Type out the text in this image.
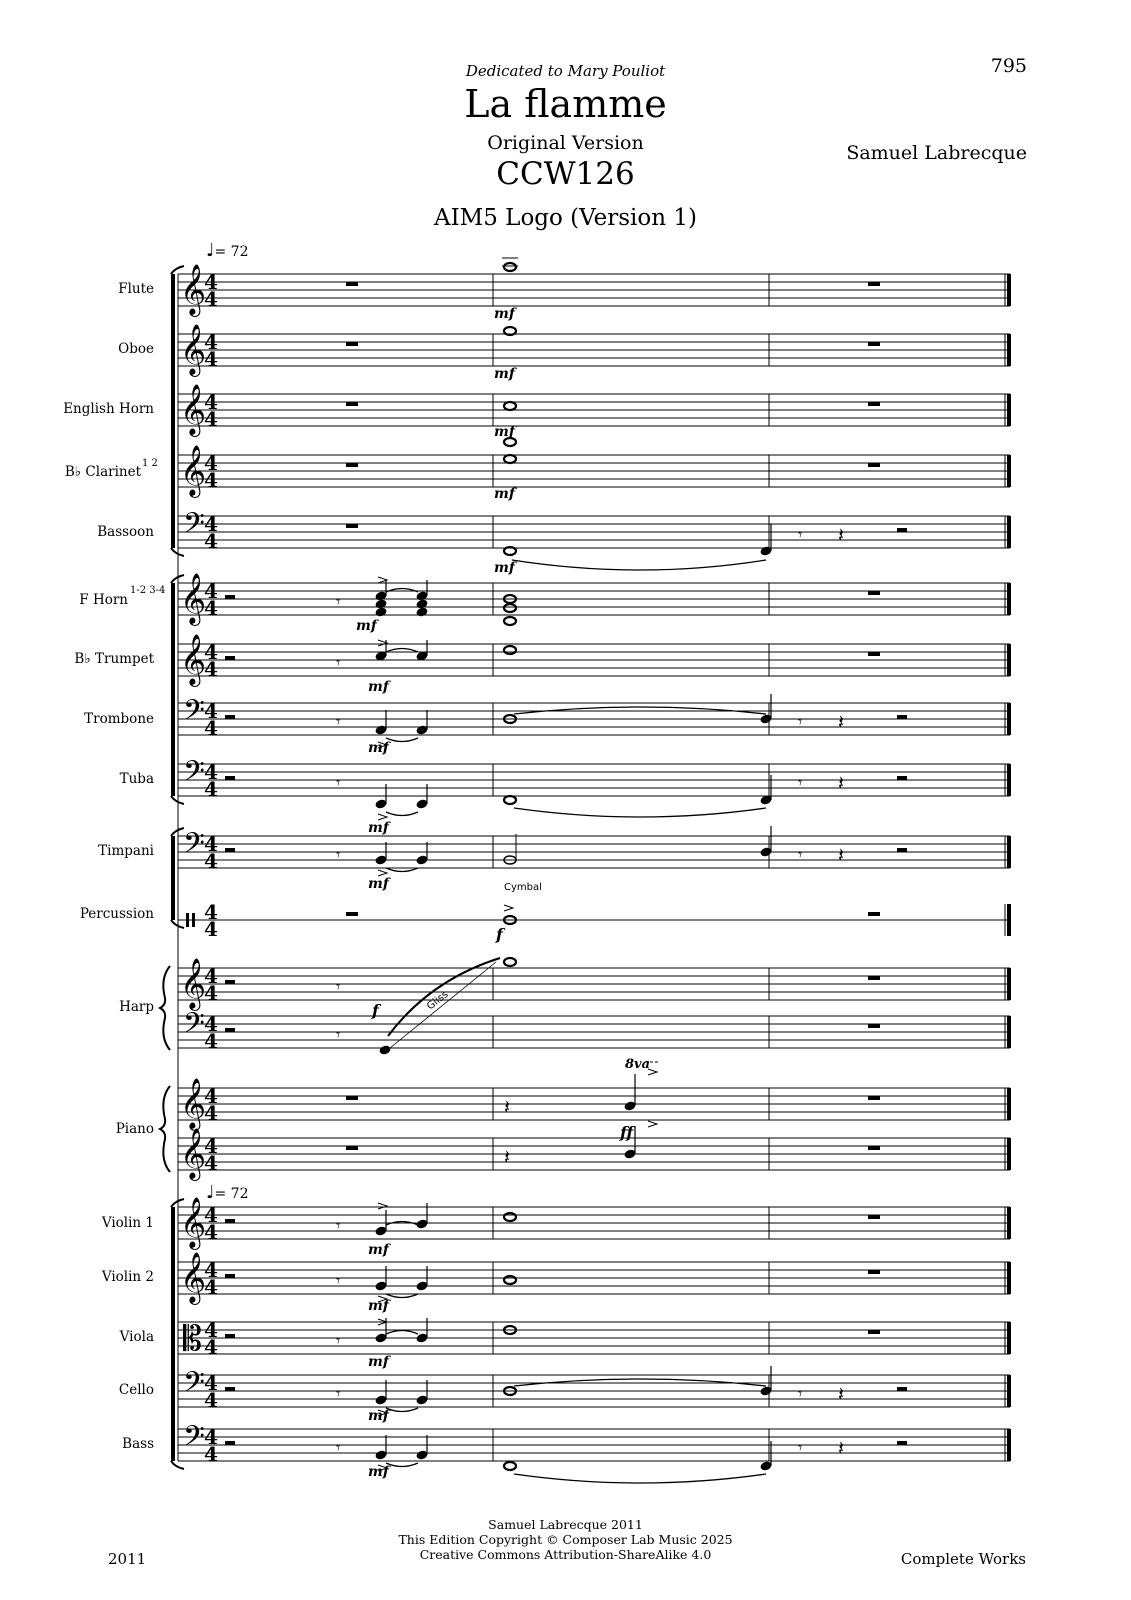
Dedicated to Mary Pouliot
La flamme
Original Version
CCW126
AIM5 Logo (Version 1)
795
Samuel Labrecque
♩= 72
♩= 72
Flute
Oboe
English Horn
B♭ Clarinet
1 2
Bassoon
F Horn
1-2 3-4
B♭ Trumpet
Trombone
Tuba
Timpani
Percussion
Harp
Piano
Violin 1
Violin 2
Viola
Cello
Bass
𝄞
4
4
𝄞
4
4
𝄞
4
4
𝄞
4
4
𝄢 4
4
𝄞
4
4
𝄞
4
4
𝄢 4
4
𝄢 4
4
𝄢 4
4
4
4
𝄞
4
4
𝄢 4
4
𝄞
4
4
𝄞
4
4
𝄞
4
4
𝄞
4
4
𝄡 4
4
𝄢 4
4
𝄢 4
4
𝄾 𝄽
𝄾
𝄾
𝄾	𝄾 𝄽
𝄾	𝄾 𝄽
𝄾	𝄾 𝄽
Cymbal
𝄾
𝄾
Gliss
𝄽
𝄽
8va
𝄾
𝄾
𝄾
𝄾	𝄾 𝄽
𝄾	𝄾 𝄽
mf
mf
mf
mf
mf
mf
mf
mf
mf
mf
f
f
ff
mf
mf
mf
mf
mf
Samuel Labrecque 2011
This Edition Copyright © Composer Lab Music 2025
Creative Commons Attribution-ShareAlike 4.0
2011	Complete Works
